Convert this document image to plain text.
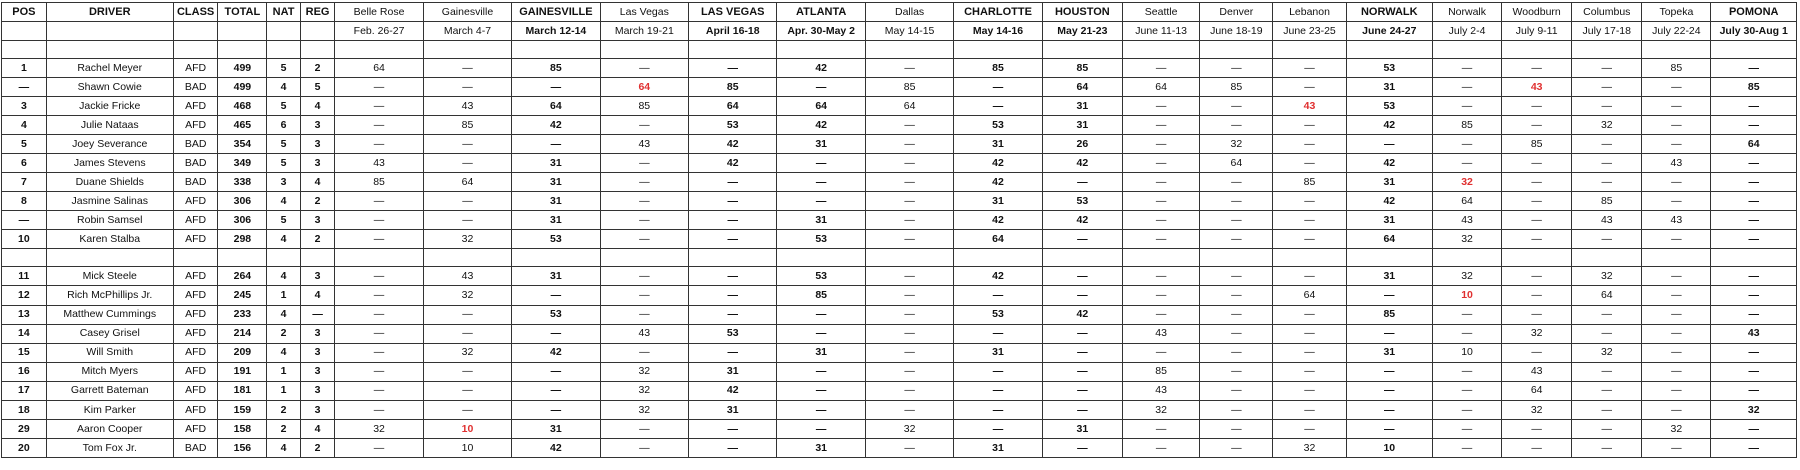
POS	DRIVER	CLASS	TOTAL	NAT	REG	Belle Rose	Gainesville	GAINESVILLE	Las Vegas	LAS VEGAS	ATLANTA	Dallas	CHARLOTTE	HOUSTON	Seattle	Denver	Lebanon	NORWALK	Norwalk	Woodburn	Columbus	Topeka	POMONA
						Feb. 26-27	March 4-7	March 12-14	March 19-21	April 16-18	Apr. 30-May 2	May 14-15	May 14-16	May 21-23	June 11-13	June 18-19	June 23-25	June 24-27	July 2-4	July 9-11	July 17-18	July 22-24	July 30-Aug 1

1	Rachel Meyer	AFD	499	5	2	64	—	85	—	—	42	—	85	85	—	—	—	53	—	—	—	85	—
—	Shawn Cowie	BAD	499	4	5	—	—	—	64	85	—	85	—	64	64	85	—	31	—	43	—	—	85
3	Jackie Fricke	AFD	468	5	4	—	43	64	85	64	64	64	—	31	—	—	43	53	—	—	—	—	—
4	Julie Nataas	AFD	465	6	3	—	85	42	—	53	42	—	53	31	—	—	—	42	85	—	32	—	—
5	Joey Severance	BAD	354	5	3	—	—	—	43	42	31	—	31	26	—	32	—	—	—	85	—	—	64
6	James Stevens	BAD	349	5	3	43	—	31	—	42	—	—	42	42	—	64	—	42	—	—	—	43	—
7	Duane Shields	BAD	338	3	4	85	64	31	—	—	—	—	42	—	—	—	85	31	32	—	—	—	—
8	Jasmine Salinas	AFD	306	4	2	—	—	31	—	—	—	—	31	53	—	—	—	42	64	—	85	—	—
—	Robin Samsel	AFD	306	5	3	—	—	31	—	—	31	—	42	42	—	—	—	31	43	—	43	43	—
10	Karen Stalba	AFD	298	4	2	—	32	53	—	—	53	—	64	—	—	—	—	64	32	—	—	—	—

11	Mick Steele	AFD	264	4	3	—	43	31	—	—	53	—	42	—	—	—	—	31	32	—	32	—	—
12	Rich McPhillips Jr.	AFD	245	1	4	—	32	—	—	—	85	—	—	—	—	—	64	—	10	—	64	—	—
13	Matthew Cummings	AFD	233	4	—	—	—	53	—	—	—	—	53	42	—	—	—	85	—	—	—	—	—
14	Casey Grisel	AFD	214	2	3	—	—	—	43	53	—	—	—	—	43	—	—	—	—	32	—	—	43
15	Will Smith	AFD	209	4	3	—	32	42	—	—	31	—	31	—	—	—	—	31	10	—	32	—	—
16	Mitch Myers	AFD	191	1	3	—	—	—	32	31	—	—	—	—	85	—	—	—	—	43	—	—	—
17	Garrett Bateman	AFD	181	1	3	—	—	—	32	42	—	—	—	—	43	—	—	—	—	64	—	—	—
18	Kim Parker	AFD	159	2	3	—	—	—	32	31	—	—	—	—	32	—	—	—	—	32	—	—	32
29	Aaron Cooper	AFD	158	2	4	32	10	31	—	—	—	32	—	31	—	—	—	—	—	—	—	32	—
20	Tom Fox Jr.	BAD	156	4	2	—	10	42	—	—	31	—	31	—	—	—	32	10	—	—	—	—	—
